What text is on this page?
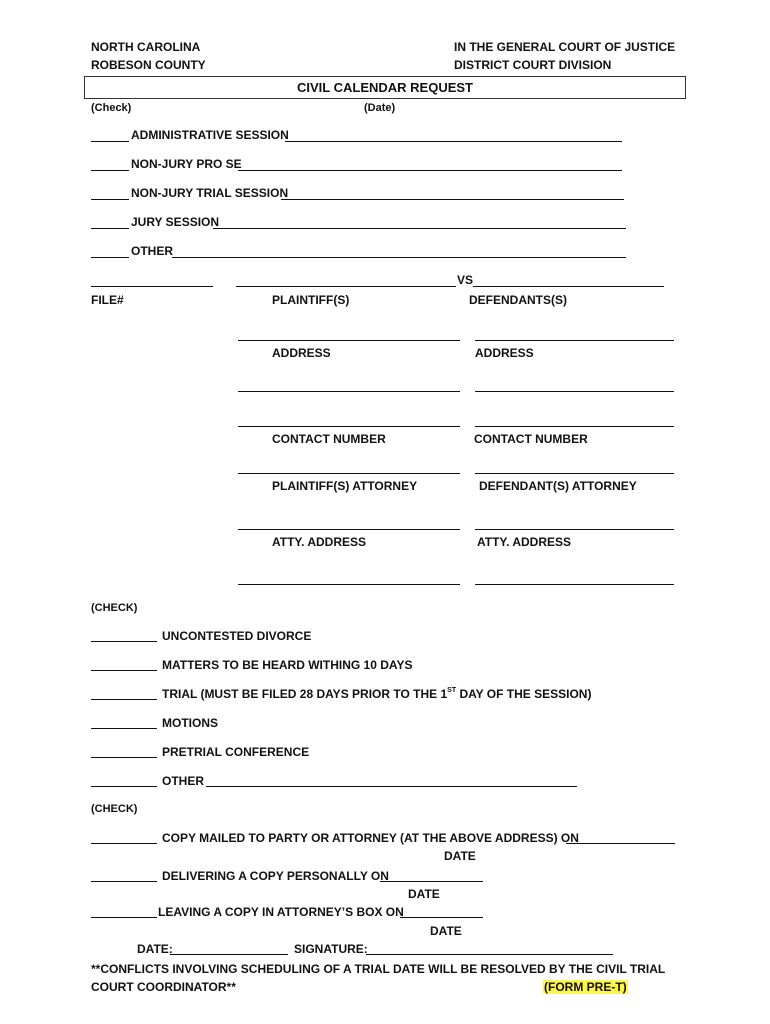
NORTH CAROLINA
ROBESON COUNTY
IN THE GENERAL COURT OF JUSTICE
DISTRICT COURT DIVISION
CIVIL CALENDAR REQUEST
(Check)	(Date)
ADMINISTRATIVE SESSION
NON-JURY PRO SE
NON-JURY TRIAL SESSION
JURY SESSION
OTHER
VS
FILE#	PLAINTIFF(S)	DEFENDANTS(S)
ADDRESS	ADDRESS
CONTACT NUMBER	CONTACT NUMBER
PLAINTIFF(S) ATTORNEY	DEFENDANT(S) ATTORNEY
ATTY. ADDRESS	ATTY. ADDRESS
(CHECK)
UNCONTESTED DIVORCE
MATTERS TO BE HEARD WITHING 10 DAYS
TRIAL (MUST BE FILED 28 DAYS PRIOR TO THE 1ST DAY OF THE SESSION)
MOTIONS
PRETRIAL CONFERENCE
OTHER
(CHECK)
COPY MAILED TO PARTY OR ATTORNEY (AT THE ABOVE ADDRESS) ON
DATE
DELIVERING A COPY PERSONALLY ON
DATE
LEAVING A COPY IN ATTORNEY’S BOX ON
DATE
DATE:	SIGNATURE:
**CONFLICTS INVOLVING SCHEDULING OF A TRIAL DATE WILL BE RESOLVED BY THE CIVIL TRIAL
COURT COORDINATOR**	(FORM PRE-T)
